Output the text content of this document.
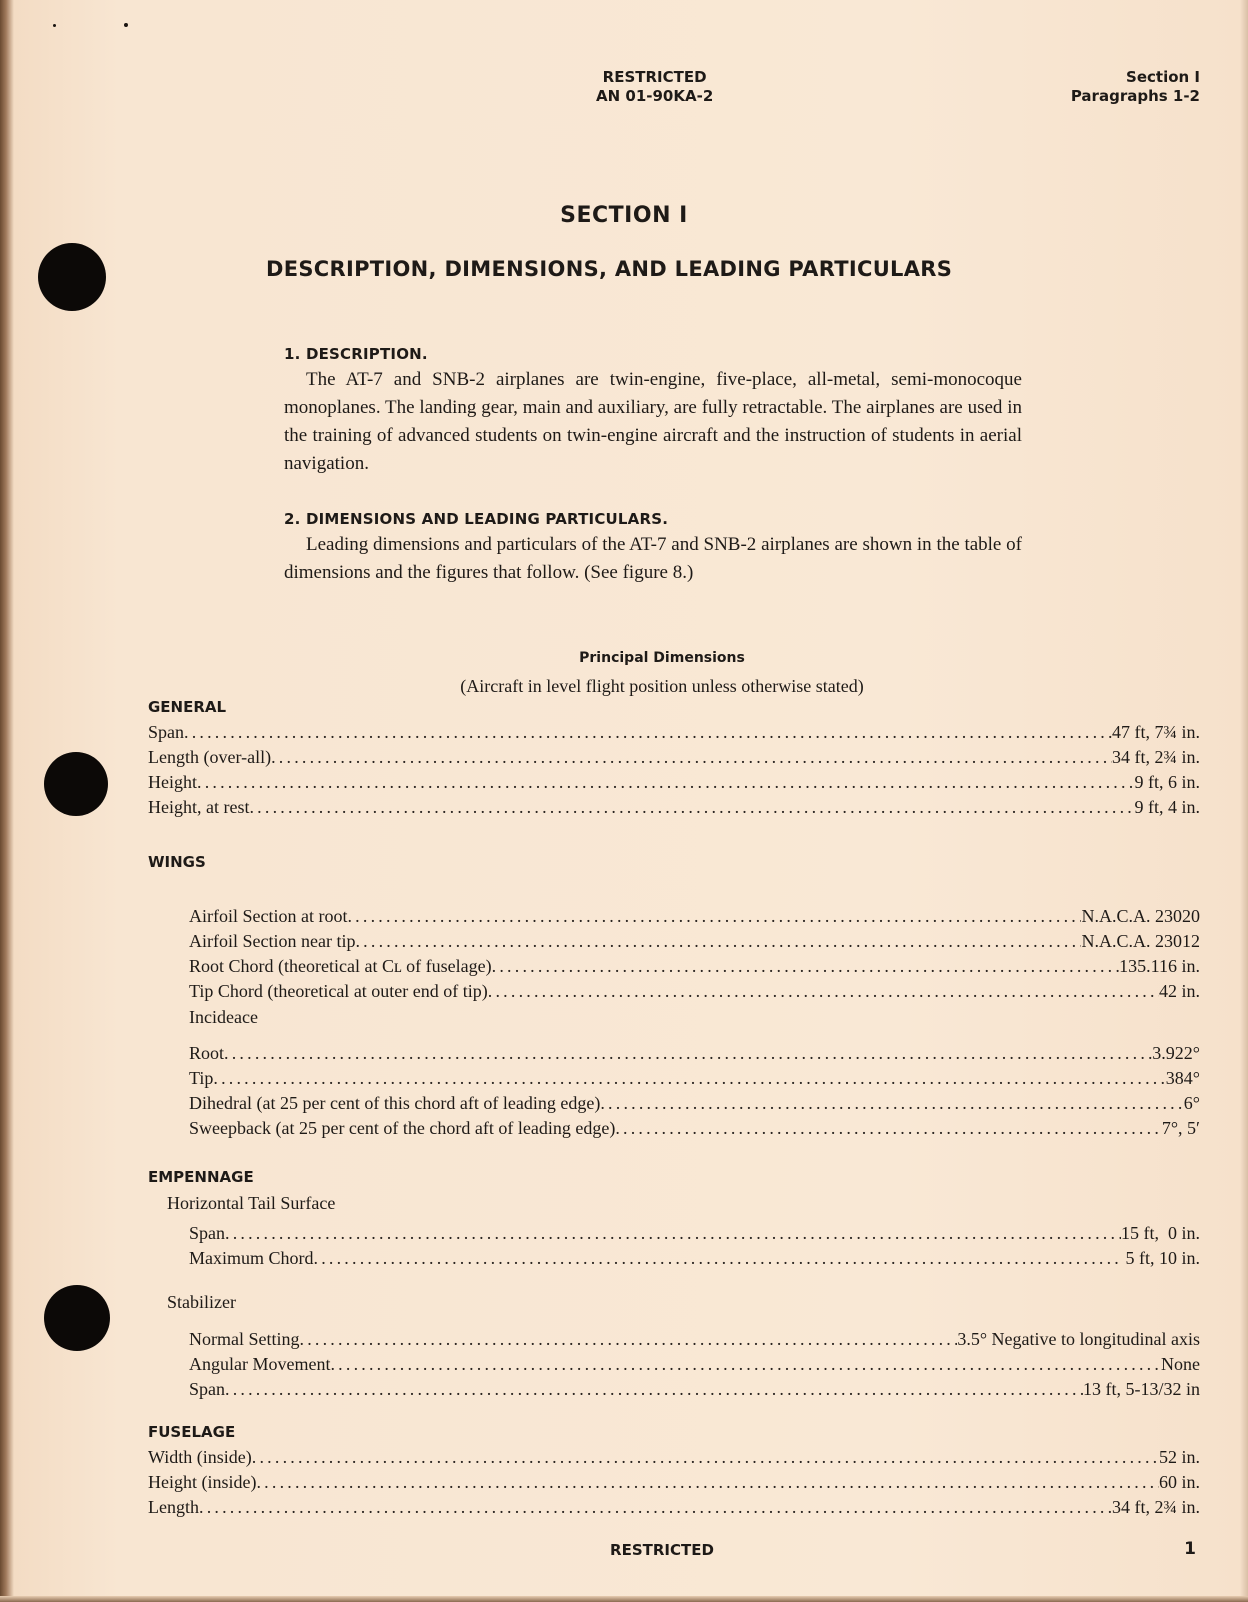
RESTRICTED
AN 01-90KA-2
Section I
Paragraphs 1-2
SECTION I
DESCRIPTION, DIMENSIONS, AND LEADING PARTICULARS
1. DESCRIPTION.
The AT-7 and SNB-2 airplanes are twin-engine, five-place, all-metal, semi-monocoque monoplanes. The landing gear, main and auxiliary, are fully retractable. The airplanes are used in the training of advanced students on twin-engine aircraft and the instruction of students in aerial navigation.
2. DIMENSIONS AND LEADING PARTICULARS.
Leading dimensions and particulars of the AT-7 and SNB-2 airplanes are shown in the table of dimensions and the figures that follow. (See figure 8.)
Principal Dimensions
(Aircraft in level flight position unless otherwise stated)
GENERAL
Span .....	47 ft, 7¾ in.
Length (over-all) .....	34 ft, 2¾ in.
Height .....	9 ft, 6 in.
Height, at rest .....	9 ft, 4 in.
WINGS
Airfoil Section at root .....	N.A.C.A. 23020
Airfoil Section near tip .....	N.A.C.A. 23012
Root Chord (theoretical at Cʟ of fuselage) .....	135.116 in.
Tip Chord (theoretical at outer end of tip) .....	42 in.
Incideace
Root .....	3.922°
Tip .....	384°
Dihedral (at 25 per cent of this chord aft of leading edge) .....	6°
Sweepback (at 25 per cent of the chord aft of leading edge) .....	7°, 5′
EMPENNAGE
Horizontal Tail Surface
Span .....	15 ft,  0 in.
Maximum Chord .....	5 ft, 10 in.
Stabilizer
Normal Setting .....	3.5° Negative to longitudinal axis
Angular Movement .....	None
Span .....	13 ft, 5-13/32 in
FUSELAGE
Width (inside) .....	52 in.
Height (inside) .....	60 in.
Length .....	34 ft, 2¾ in.
RESTRICTED	1
